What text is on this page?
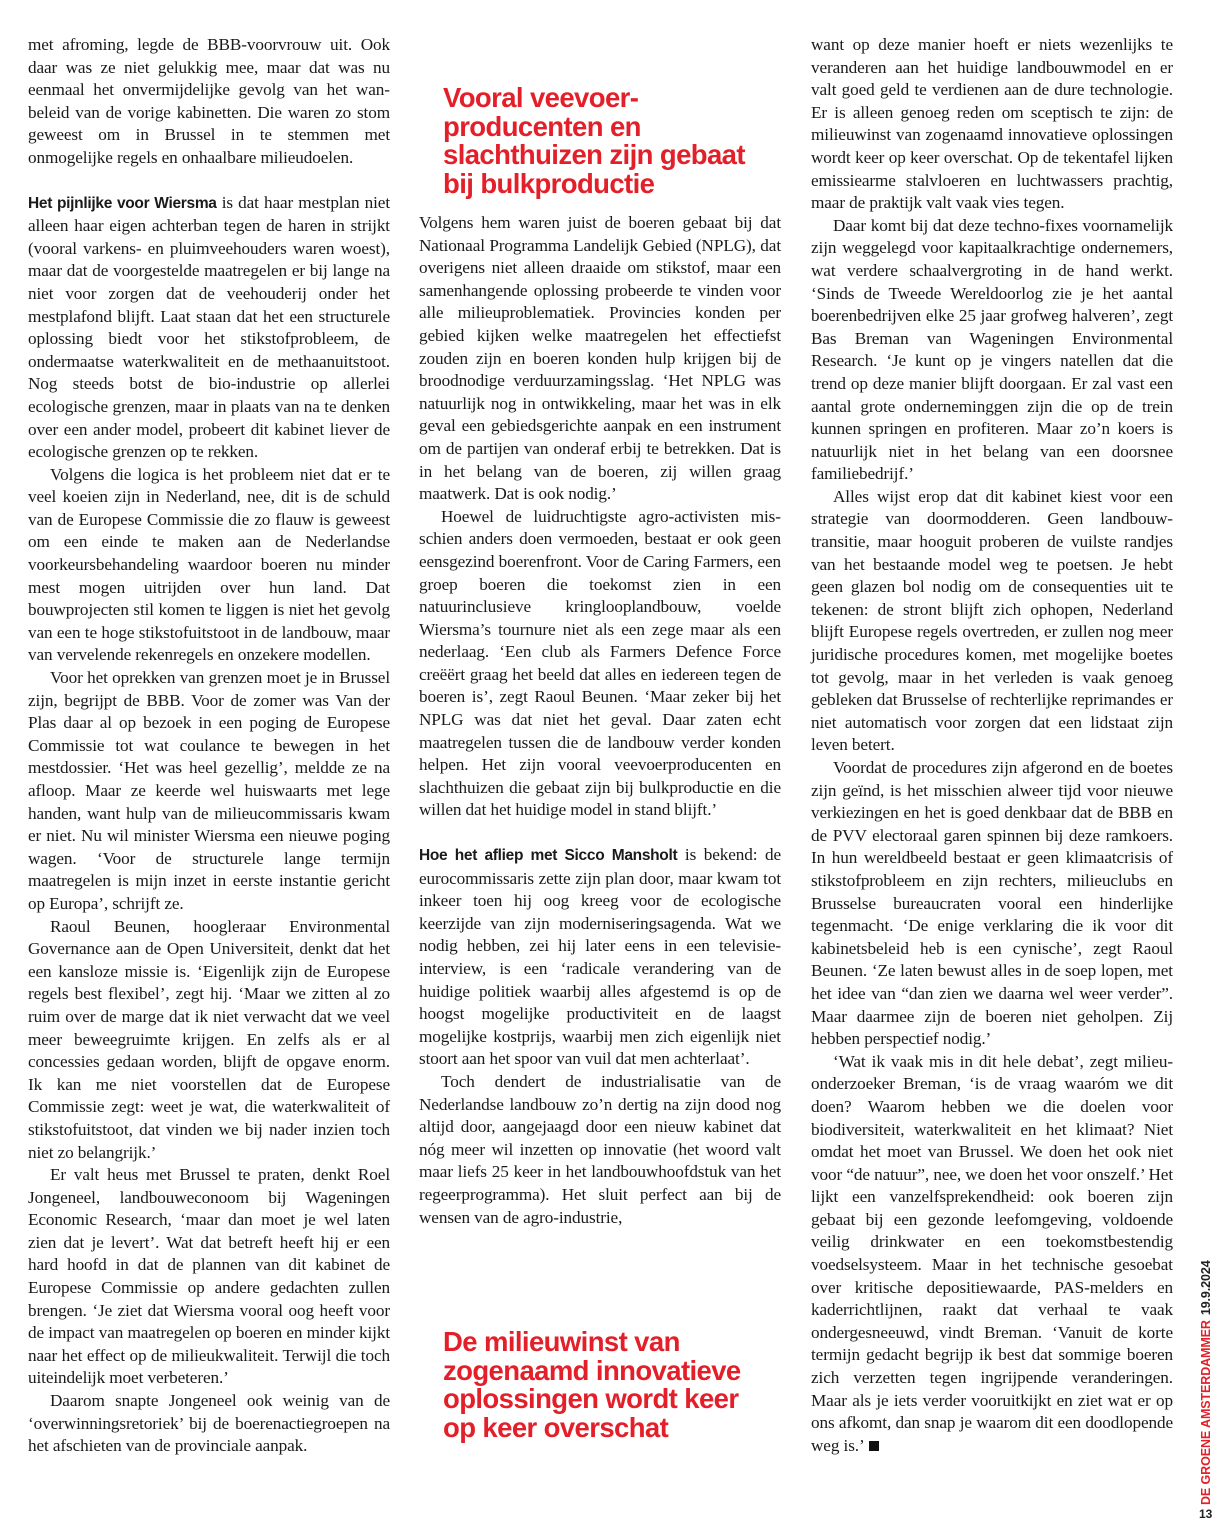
met afroming, legde de BBB-voorvrouw uit. Ook daar was ze niet gelukkig mee, maar dat was nu eenmaal het onvermijdelijke gevolg van het wanbeleid van de vorige kabinetten. Die waren zo stom geweest om in Brussel in te stemmen met onmogelijke regels en onhaalbare milieudoelen.

Het pijnlijke voor Wiersma is dat haar mestplan niet alleen haar eigen achterban tegen de haren in strijkt (vooral varkens- en pluimveehouders waren woest), maar dat de voorgestelde maatregelen er bij lange na niet voor zorgen dat de veehouderij onder het mestplafond blijft. Laat staan dat het een structurele oplossing biedt voor het stikstofprobleem, de ondermaatse waterkwaliteit en de methaanuitstoot. Nog steeds botst de bio-industrie op allerlei ecologische grenzen, maar in plaats van na te denken over een ander model, probeert dit kabinet liever de ecologische grenzen op te rekken.

Volgens die logica is het probleem niet dat er te veel koeien zijn in Nederland, nee, dit is de schuld van de Europese Commissie die zo flauw is geweest om een einde te maken aan de Nederlandse voorkeursbehandeling waardoor boeren nu minder mest mogen uitrijden over hun land. Dat bouwprojecten stil komen te liggen is niet het gevolg van een te hoge stikstofuitstoot in de landbouw, maar van vervelende rekenregels en onzekere modellen.

Voor het oprekken van grenzen moet je in Brussel zijn, begrijpt de BBB. Voor de zomer was Van der Plas daar al op bezoek in een poging de Europese Commissie tot wat coulance te bewegen in het mestdossier. ‘Het was heel gezellig’, meldde ze na afloop. Maar ze keerde wel huiswaarts met lege handen, want hulp van de milieucommissaris kwam er niet. Nu wil minister Wiersma een nieuwe poging wagen. ‘Voor de structurele lange termijn maatregelen is mijn inzet in eerste instantie gericht op Europa’, schrijft ze.

Raoul Beunen, hoogleraar Environmental Governance aan de Open Universiteit, denkt dat het een kansloze missie is. ‘Eigenlijk zijn de Europese regels best flexibel’, zegt hij. ‘Maar we zitten al zo ruim over de marge dat ik niet verwacht dat we veel meer beweegruimte krijgen. En zelfs als er al concessies gedaan worden, blijft de opgave enorm. Ik kan me niet voorstellen dat de Europese Commissie zegt: weet je wat, die waterkwaliteit of stikstofuitstoot, dat vinden we bij nader inzien toch niet zo belangrijk.’

Er valt heus met Brussel te praten, denkt Roel Jongeneel, landbouweconoom bij Wageningen Economic Research, ‘maar dan moet je wel laten zien dat je levert’. Wat dat betreft heeft hij er een hard hoofd in dat de plannen van dit kabinet de Europese Commissie op andere gedachten zullen brengen. ‘Je ziet dat Wiersma vooral oog heeft voor de impact van maatregelen op boeren en minder kijkt naar het effect op de milieukwaliteit. Terwijl die toch uiteindelijk moet verbeteren.’

Daarom snapte Jongeneel ook weinig van de ‘overwinningsretoriek’ bij de boerenactiegroepen na het afschieten van de provinciale aanpak.

Vooral veevoer-producenten en slachthuizen zijn gebaat bij bulkproductie

Volgens hem waren juist de boeren gebaat bij dat Nationaal Programma Landelijk Gebied (NPLG), dat overigens niet alleen draaide om stikstof, maar een samenhangende oplossing probeerde te vinden voor alle milieuproblematiek. Provincies konden per gebied kijken welke maatregelen het effectiefst zouden zijn en boeren konden hulp krijgen bij de broodnodige verduurzamingsslag. ‘Het NPLG was natuurlijk nog in ontwikkeling, maar het was in elk geval een gebiedsgerichte aanpak en een instrument om de partijen van onderaf erbij te betrekken. Dat is in het belang van de boeren, zij willen graag maatwerk. Dat is ook nodig.’

Hoewel de luidruchtigste agro-activisten misschien anders doen vermoeden, bestaat er ook geen eensgezind boerenfront. Voor de Caring Farmers, een groep boeren die toekomst zien in een natuurinclusieve kringlooplandbouw, voelde Wiersma’s tournure niet als een zege maar als een nederlaag. ‘Een club als Farmers Defence Force creëërt graag het beeld dat alles en iedereen tegen de boeren is’, zegt Raoul Beunen. ‘Maar zeker bij het NPLG was dat niet het geval. Daar zaten echt maatregelen tussen die de landbouw verder konden helpen. Het zijn vooral veevoerproducenten en slachthuizen die gebaat zijn bij bulkproductie en die willen dat het huidige model in stand blijft.’

Hoe het afliep met Sicco Mansholt is bekend: de eurocommissaris zette zijn plan door, maar kwam tot inkeer toen hij oog kreeg voor de ecologische keerzijde van zijn moderniseringsagenda. Wat we nodig hebben, zei hij later eens in een televisie-interview, is een ‘radicale verandering van de huidige politiek waarbij alles afgestemd is op de hoogst mogelijke productiviteit en de laagst mogelijke kostprijs, waarbij men zich eigenlijk niet stoort aan het spoor van vuil dat men achterlaat’.

Toch dendert de industrialisatie van de Nederlandse landbouw zo’n dertig na zijn dood nog altijd door, aangejaagd door een nieuw kabinet dat nóg meer wil inzetten op innovatie (het woord valt maar liefs 25 keer in het landbouwhoofdstuk van het regeerprogramma). Het sluit perfect aan bij de wensen van de agro-industrie,

De milieuwinst van zogenaamd innovatieve oplossingen wordt keer op keer overschat

want op deze manier hoeft er niets wezenlijks te veranderen aan het huidige landbouwmodel en er valt goed geld te verdienen aan de dure technologie. Er is alleen genoeg reden om sceptisch te zijn: de milieuwinst van zogenaamd innovatieve oplossingen wordt keer op keer overschat. Op de tekentafel lijken emissiearme stalvloeren en luchtwassers prachtig, maar de praktijk valt vaak vies tegen.

Daar komt bij dat deze techno-fixes voornamelijk zijn weggelegd voor kapitaalkrachtige ondernemers, wat verdere schaalvergroting in de hand werkt. ‘Sinds de Tweede Wereldoorlog zie je het aantal boerenbedrijven elke 25 jaar grofweg halveren’, zegt Bas Breman van Wageningen Environmental Research. ‘Je kunt op je vingers natellen dat die trend op deze manier blijft doorgaan. Er zal vast een aantal grote onderneminggen zijn die op de trein kunnen springen en profiteren. Maar zo’n koers is natuurlijk niet in het belang van een doorsnee familiebedrijf.’

Alles wijst erop dat dit kabinet kiest voor een strategie van doormodderen. Geen landbouwtransitie, maar hooguit proberen de vuilste randjes van het bestaande model weg te poetsen. Je hebt geen glazen bol nodig om de consequenties uit te tekenen: de stront blijft zich ophopen, Nederland blijft Europese regels overtreden, er zullen nog meer juridische procedures komen, met mogelijke boetes tot gevolg, maar in het verleden is vaak genoeg gebleken dat Brusselse of rechterlijke reprimandes er niet automatisch voor zorgen dat een lidstaat zijn leven betert.

Voordat de procedures zijn afgerond en de boetes zijn geïnd, is het misschien alweer tijd voor nieuwe verkiezingen en het is goed denkbaar dat de BBB en de PVV electoraal garen spinnen bij deze ramkoers. In hun wereldbeeld bestaat er geen klimaatcrisis of stikstofprobleem en zijn rechters, milieuclubs en Brusselse bureaucraten vooral een hinderlijke tegenmacht. ‘De enige verklaring die ik voor dit kabinetsbeleid heb is een cynische’, zegt Raoul Beunen. ‘Ze laten bewust alles in de soep lopen, met het idee van “dan zien we daarna wel weer verder”. Maar daarmee zijn de boeren niet geholpen. Zij hebben perspectief nodig.’

‘Wat ik vaak mis in dit hele debat’, zegt milieu-onderzoeker Breman, ‘is de vraag waaróm we dit doen? Waarom hebben we die doelen voor biodiversiteit, waterkwaliteit en het klimaat? Niet omdat het moet van Brussel. We doen het ook niet voor “de natuur”, nee, we doen het voor onszelf.’ Het lijkt een vanzelfsprekendheid: ook boeren zijn gebaat bij een gezonde leefomgeving, voldoende veilig drinkwater en een toekomstbestendig voedselsysteem. Maar in het technische gesoebat over kritische depositiewaarde, PAS-melders en kaderrichtlijnen, raakt dat verhaal te vaak ondergesneeuwd, vindt Breman. ‘Vanuit de korte termijn gedacht begrijp ik best dat sommige boeren zich verzetten tegen ingrijpende veranderingen. Maar als je iets verder vooruitkijkt en ziet wat er op ons afkomt, dan snap je waarom dit een doodlopende weg is.’	DE GROENE AMSTERDAMMER19.9.2024
13
